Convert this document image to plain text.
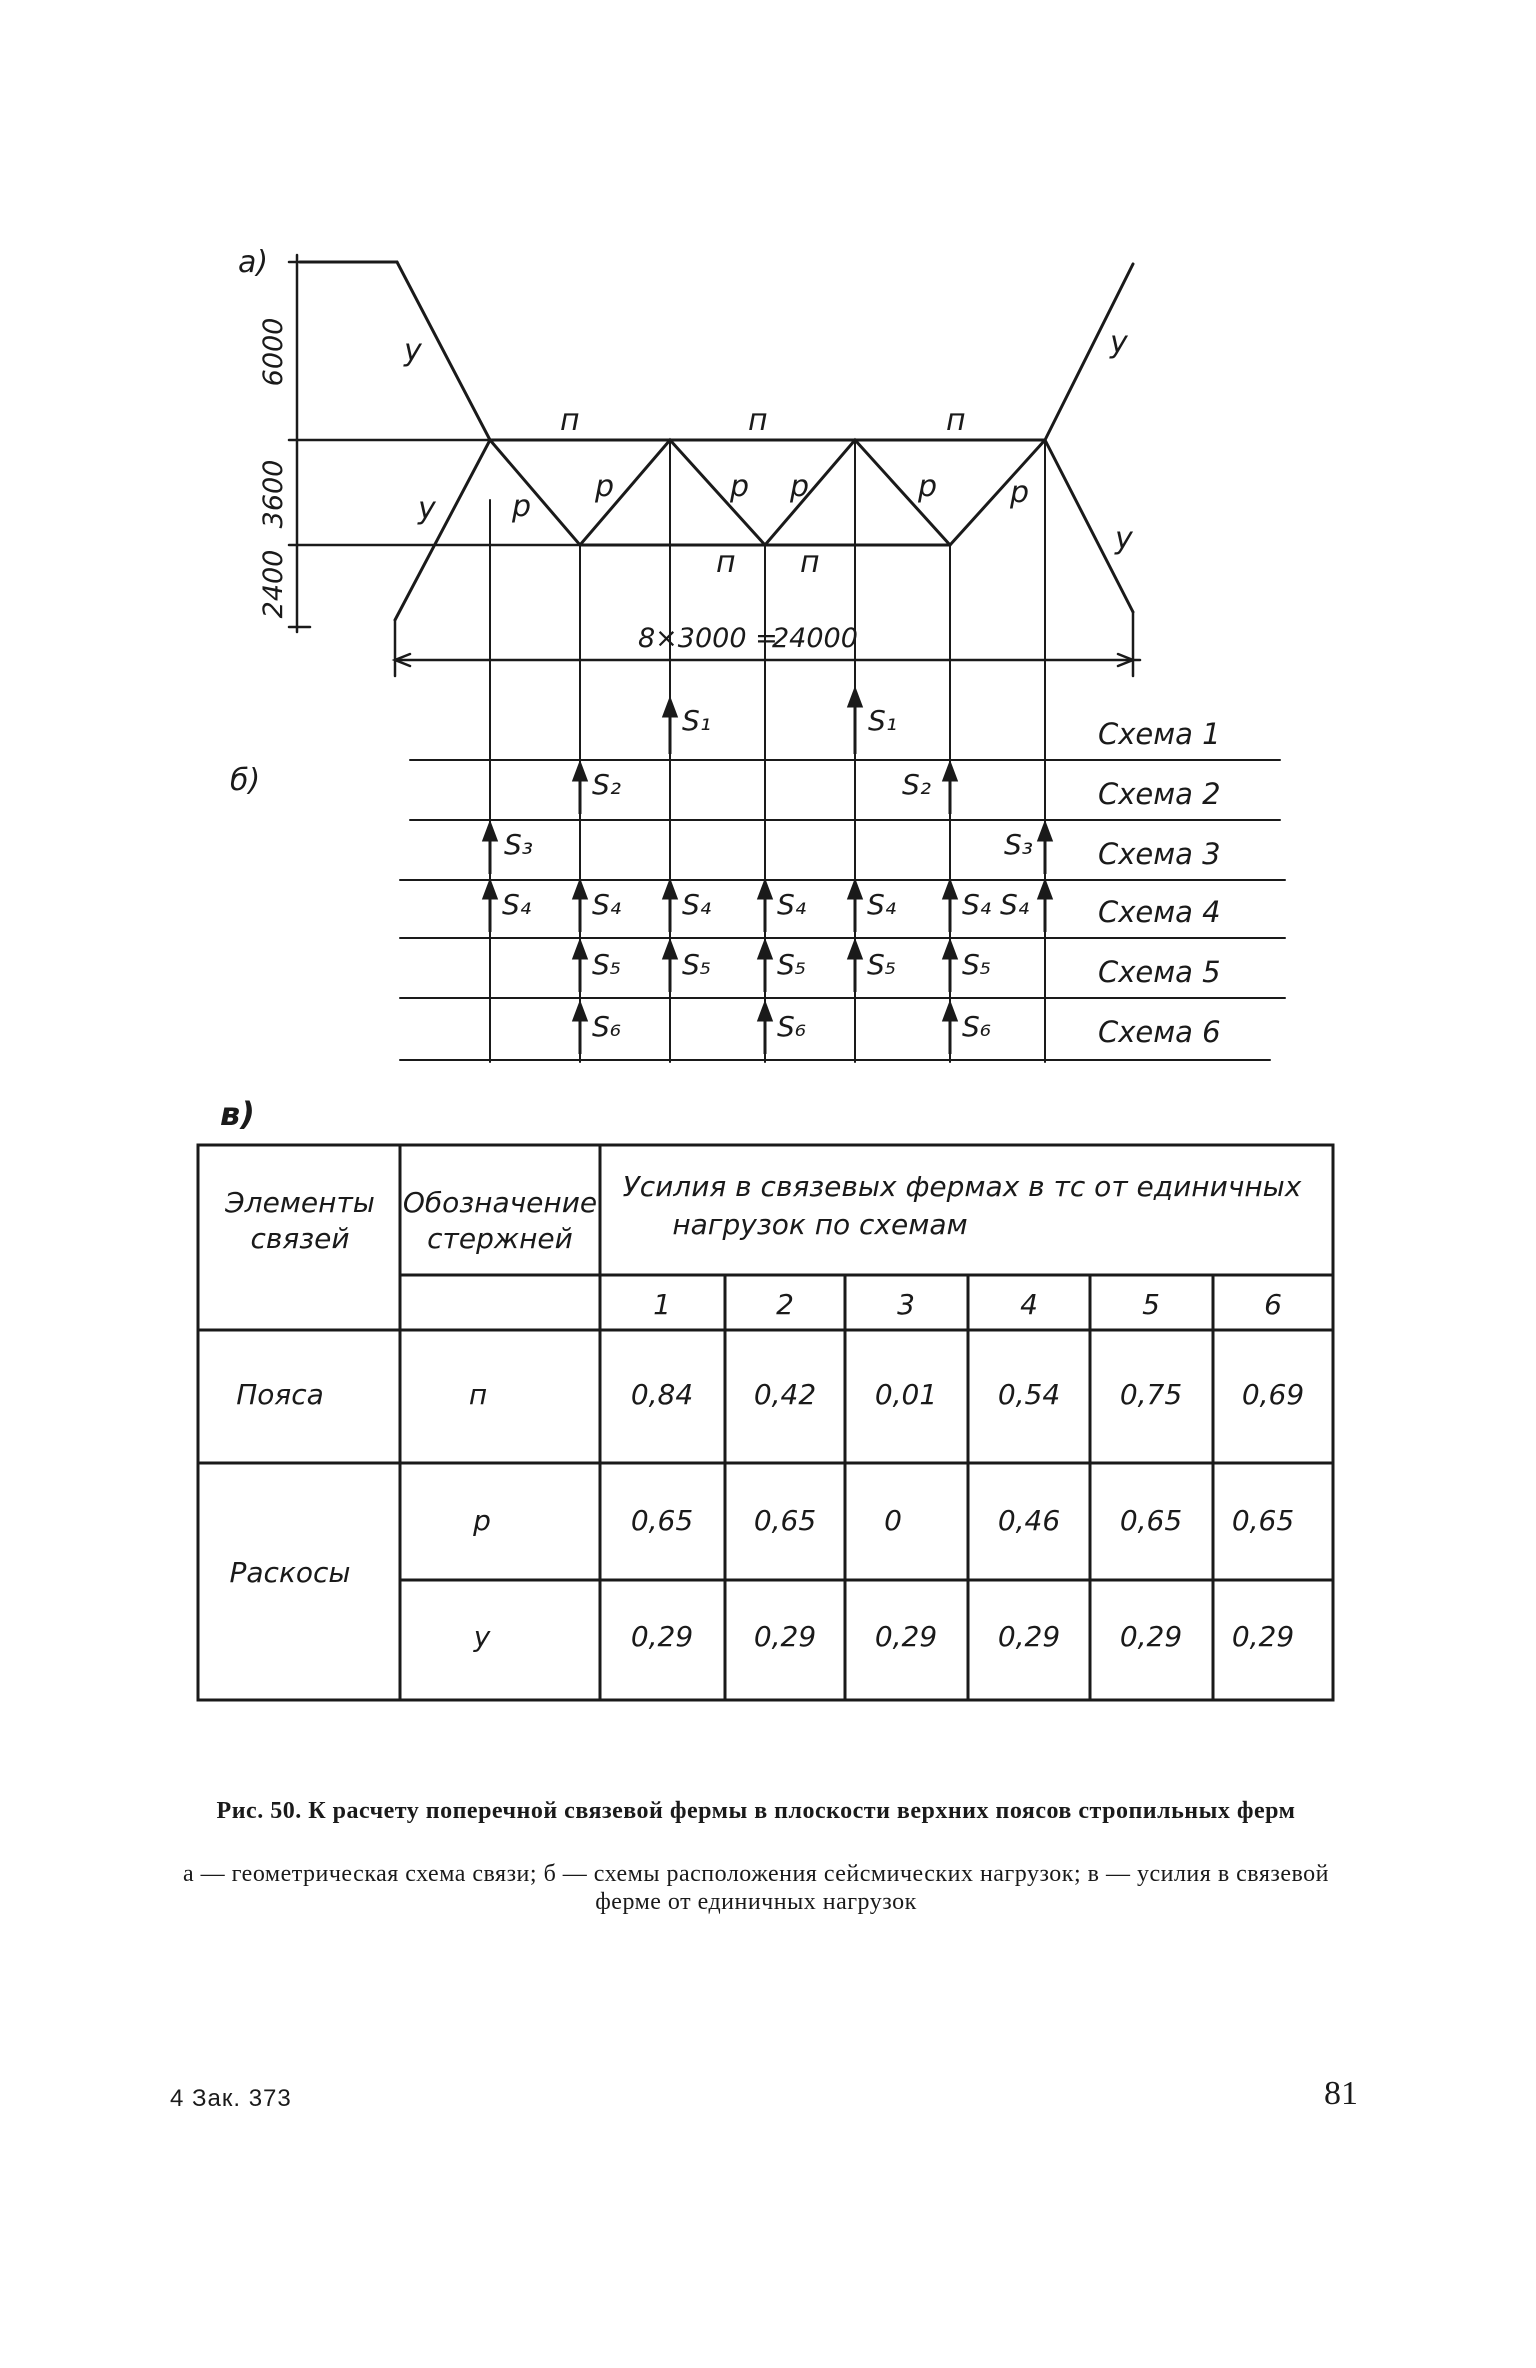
а)
6000
3600
2400
у
у
у
у
п	п	п
п п
р
р	р р	р р
8×3000 =
24000
б)
S₁	S₁
S₂	S₂
S₃	S₃
S₄ S₄ S₄ S₄ S₄ S₄ S₄
S₅ S₅ S₅ S₅ S₅
S₆	S₆	S₆
Схема 1
Схема 2
Схема 3
Схема 4
Схема 5
Схема 6
в)
Элементы
связей
Обозначение
стержней
Усилия в связевых фермах в тс от единичных
нагрузок по схемам
1	2	3	4	5	6
Пояса	п	0,84 0,42 0,01 0,54 0,75 0,69
Раскосы
р	0,65 0,65 0	0,46 0,65 0,65
у	0,29 0,29 0,29 0,29 0,29 0,29
Рис. 50. К расчету поперечной связевой фермы в плоскости верхних поясов стропильных ферм
а — геометрическая схема связи; б — схемы расположения сейсмических нагрузок; в — усилия в связевой ферме от единичных нагрузок
4 Зак. 373	81
